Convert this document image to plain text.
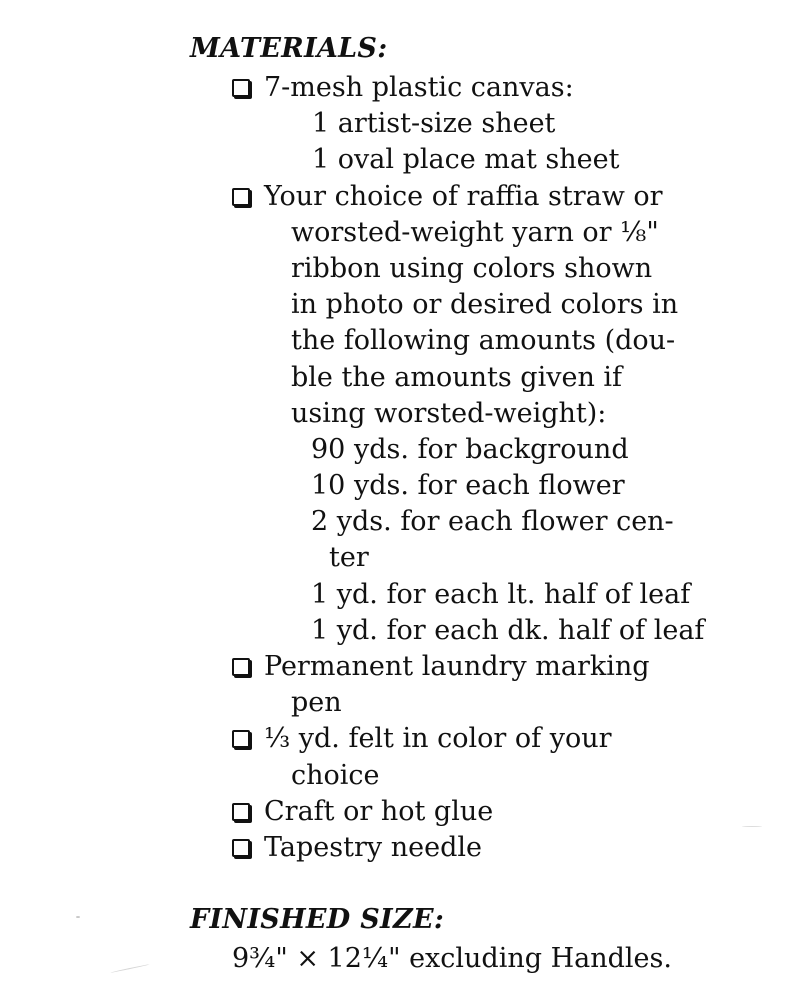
MATERIALS:
7-mesh plastic canvas:
1 artist-size sheet
1 oval place mat sheet
Your choice of raffia straw or
worsted-weight yarn or ⅛"
ribbon using colors shown
in photo or desired colors in
the following amounts (dou-
ble the amounts given if
using worsted-weight):
90 yds. for background
10 yds. for each flower
2 yds. for each flower cen-
ter
1 yd. for each lt. half of leaf
1 yd. for each dk. half of leaf
Permanent laundry marking
pen
⅓ yd. felt in color of your
choice
Craft or hot glue
Tapestry needle
FINISHED SIZE:
9¾" × 12¼" excluding Handles.
